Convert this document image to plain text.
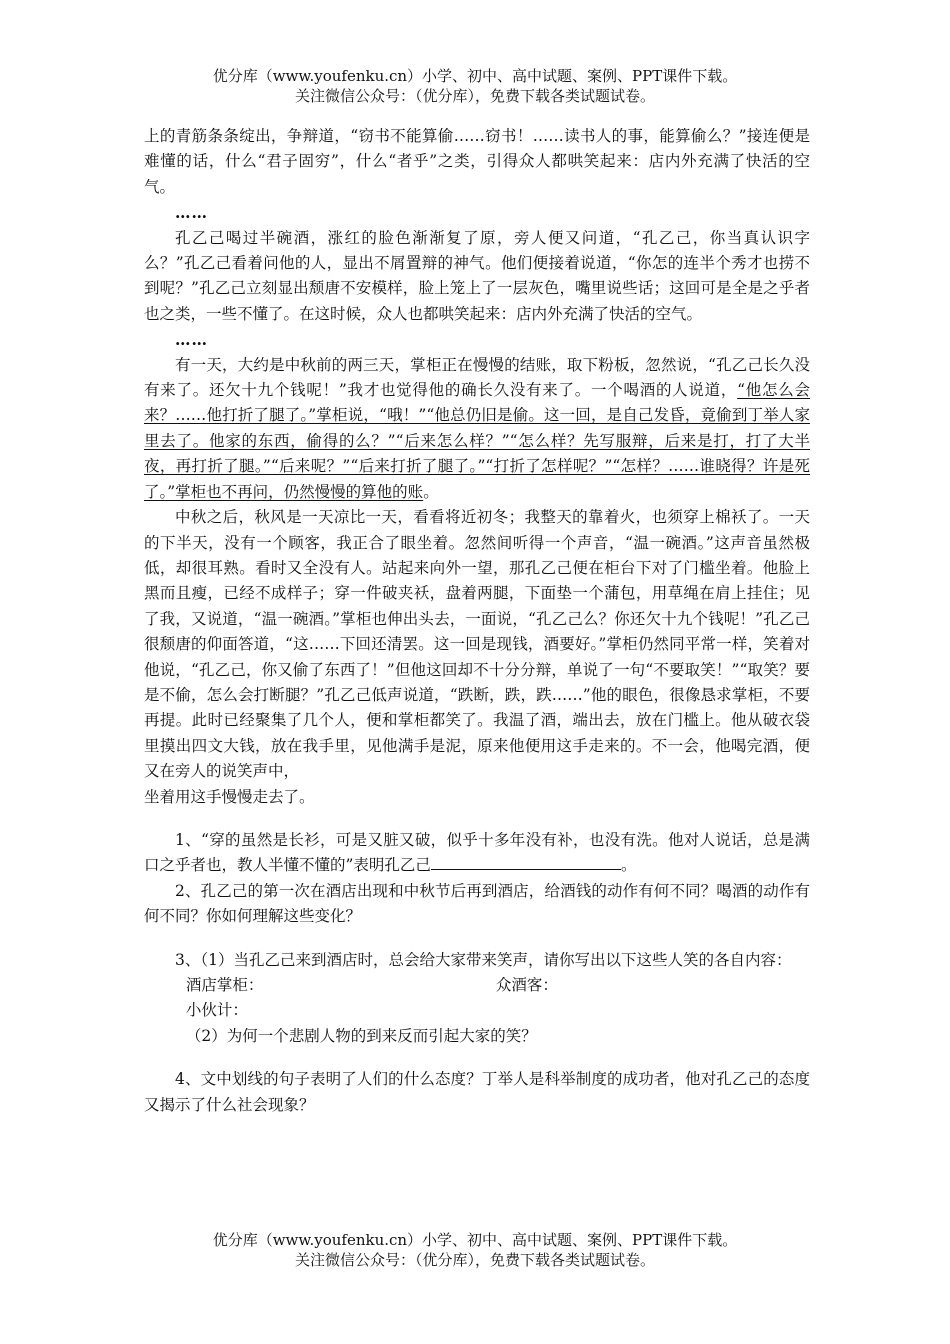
优分库（www.youfenku.cn）小学、初中、高中试题、案例、PPT课件下载。
关注微信公众号：（优分库），免费下载各类试题试卷。

上的青筋条条绽出，争辩道，“窃书不能算偷……窃书！……读书人的事，能算偷么？”接连便是难懂的话，什么“君子固穷”，什么“者乎”之类，引得众人都哄笑起来：店内外充满了快活的空气。

……

孔乙己喝过半碗酒，涨红的脸色渐渐复了原，旁人便又问道，“孔乙己，你当真认识字么？”孔乙己看着问他的人，显出不屑置辩的神气。他们便接着说道，“你怎的连半个秀才也捞不到呢？”孔乙己立刻显出颓唐不安模样，脸上笼上了一层灰色，嘴里说些话；这回可是全是之乎者也之类，一些不懂了。在这时候，众人也都哄笑起来：店内外充满了快活的空气。

……

有一天，大约是中秋前的两三天，掌柜正在慢慢的结账，取下粉板，忽然说，“孔乙己长久没有来了。还欠十九个钱呢！”我才也觉得他的确长久没有来了。一个喝酒的人说道，“他怎么会来？……他打折了腿了。”掌柜说，“哦！”“他总仍旧是偷。这一回，是自己发昏，竟偷到丁举人家里去了。他家的东西，偷得的么？”“后来怎么样？”“怎么样？先写服辩，后来是打，打了大半夜，再打折了腿。”“后来呢？”“后来打折了腿了。”“打折了怎样呢？”“怎样？……谁晓得？许是死了。”掌柜也不再问，仍然慢慢的算他的账。

中秋之后，秋风是一天凉比一天，看看将近初冬；我整天的靠着火，也须穿上棉袄了。一天的下半天，没有一个顾客，我正合了眼坐着。忽然间听得一个声音，“温一碗酒。”这声音虽然极低，却很耳熟。看时又全没有人。站起来向外一望，那孔乙己便在柜台下对了门槛坐着。他脸上黑而且瘦，已经不成样子；穿一件破夹袄，盘着两腿，下面垫一个蒲包，用草绳在肩上挂住；见了我，又说道，“温一碗酒。”掌柜也伸出头去，一面说，“孔乙己么？你还欠十九个钱呢！”孔乙己很颓唐的仰面答道，“这……下回还清罢。这一回是现钱，酒要好。”掌柜仍然同平常一样，笑着对他说，“孔乙己，你又偷了东西了！”但他这回却不十分分辩，单说了一句“不要取笑！”“取笑？要是不偷，怎么会打断腿？”孔乙己低声说道，“跌断，跌，跌……”他的眼色，很像恳求掌柜，不要再提。此时已经聚集了几个人，便和掌柜都笑了。我温了酒，端出去，放在门槛上。他从破衣袋里摸出四文大钱，放在我手里，见他满手是泥，原来他便用这手走来的。不一会，他喝完酒，便又在旁人的说笑声中，

坐着用这手慢慢走去了。

1、“穿的虽然是长衫，可是又脏又破，似乎十多年没有补，也没有洗。他对人说话，总是满口之乎者也，教人半懂不懂的”表明孔乙己	。

2、孔乙己的第一次在酒店出现和中秋节后再到酒店，给酒钱的动作有何不同？喝酒的动作有何不同？你如何理解这些变化？

3、（1）当孔乙己来到酒店时，总会给大家带来笑声，请你写出以下这些人笑的各自内容：

酒店掌柜：	众酒客：
小伙计：
（2）为何一个悲剧人物的到来反而引起大家的笑？

4、文中划线的句子表明了人们的什么态度？丁举人是科举制度的成功者，他对孔乙己的态度又揭示了什么社会现象？

优分库（www.youfenku.cn）小学、初中、高中试题、案例、PPT课件下载。
关注微信公众号：（优分库），免费下载各类试题试卷。
